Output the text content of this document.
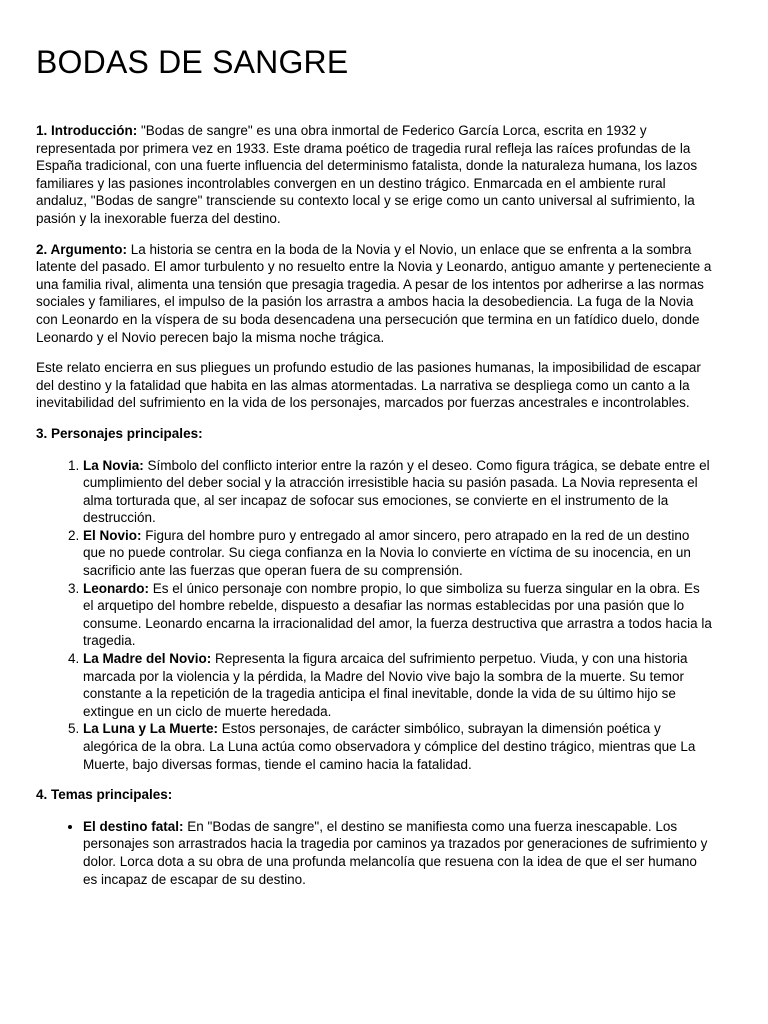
BODAS DE SANGRE

1. Introducción: "Bodas de sangre" es una obra inmortal de Federico García Lorca, escrita en 1932 y representada por primera vez en 1933. Este drama poético de tragedia rural refleja las raíces profundas de la España tradicional, con una fuerte influencia del determinismo fatalista, donde la naturaleza humana, los lazos familiares y las pasiones incontrolables convergen en un destino trágico. Enmarcada en el ambiente rural andaluz, "Bodas de sangre" transciende su contexto local y se erige como un canto universal al sufrimiento, la pasión y la inexorable fuerza del destino.

2. Argumento: La historia se centra en la boda de la Novia y el Novio, un enlace que se enfrenta a la sombra latente del pasado. El amor turbulento y no resuelto entre la Novia y Leonardo, antiguo amante y perteneciente a una familia rival, alimenta una tensión que presagia tragedia. A pesar de los intentos por adherirse a las normas sociales y familiares, el impulso de la pasión los arrastra a ambos hacia la desobediencia. La fuga de la Novia con Leonardo en la víspera de su boda desencadena una persecución que termina en un fatídico duelo, donde Leonardo y el Novio perecen bajo la misma noche trágica.

Este relato encierra en sus pliegues un profundo estudio de las pasiones humanas, la imposibilidad de escapar del destino y la fatalidad que habita en las almas atormentadas. La narrativa se despliega como un canto a la inevitabilidad del sufrimiento en la vida de los personajes, marcados por fuerzas ancestrales e incontrolables.

3. Personajes principales:

1. La Novia: Símbolo del conflicto interior entre la razón y el deseo. Como figura trágica, se debate entre el cumplimiento del deber social y la atracción irresistible hacia su pasión pasada. La Novia representa el alma torturada que, al ser incapaz de sofocar sus emociones, se convierte en el instrumento de la destrucción.
2. El Novio: Figura del hombre puro y entregado al amor sincero, pero atrapado en la red de un destino que no puede controlar. Su ciega confianza en la Novia lo convierte en víctima de su inocencia, en un sacrificio ante las fuerzas que operan fuera de su comprensión.
3. Leonardo: Es el único personaje con nombre propio, lo que simboliza su fuerza singular en la obra. Es el arquetipo del hombre rebelde, dispuesto a desafiar las normas establecidas por una pasión que lo consume. Leonardo encarna la irracionalidad del amor, la fuerza destructiva que arrastra a todos hacia la tragedia.
4. La Madre del Novio: Representa la figura arcaica del sufrimiento perpetuo. Viuda, y con una historia marcada por la violencia y la pérdida, la Madre del Novio vive bajo la sombra de la muerte. Su temor constante a la repetición de la tragedia anticipa el final inevitable, donde la vida de su último hijo se extingue en un ciclo de muerte heredada.
5. La Luna y La Muerte: Estos personajes, de carácter simbólico, subrayan la dimensión poética y alegórica de la obra. La Luna actúa como observadora y cómplice del destino trágico, mientras que La Muerte, bajo diversas formas, tiende el camino hacia la fatalidad.

4. Temas principales:

• El destino fatal: En "Bodas de sangre", el destino se manifiesta como una fuerza inescapable. Los personajes son arrastrados hacia la tragedia por caminos ya trazados por generaciones de sufrimiento y dolor. Lorca dota a su obra de una profunda melancolía que resuena con la idea de que el ser humano es incapaz de escapar de su destino.
